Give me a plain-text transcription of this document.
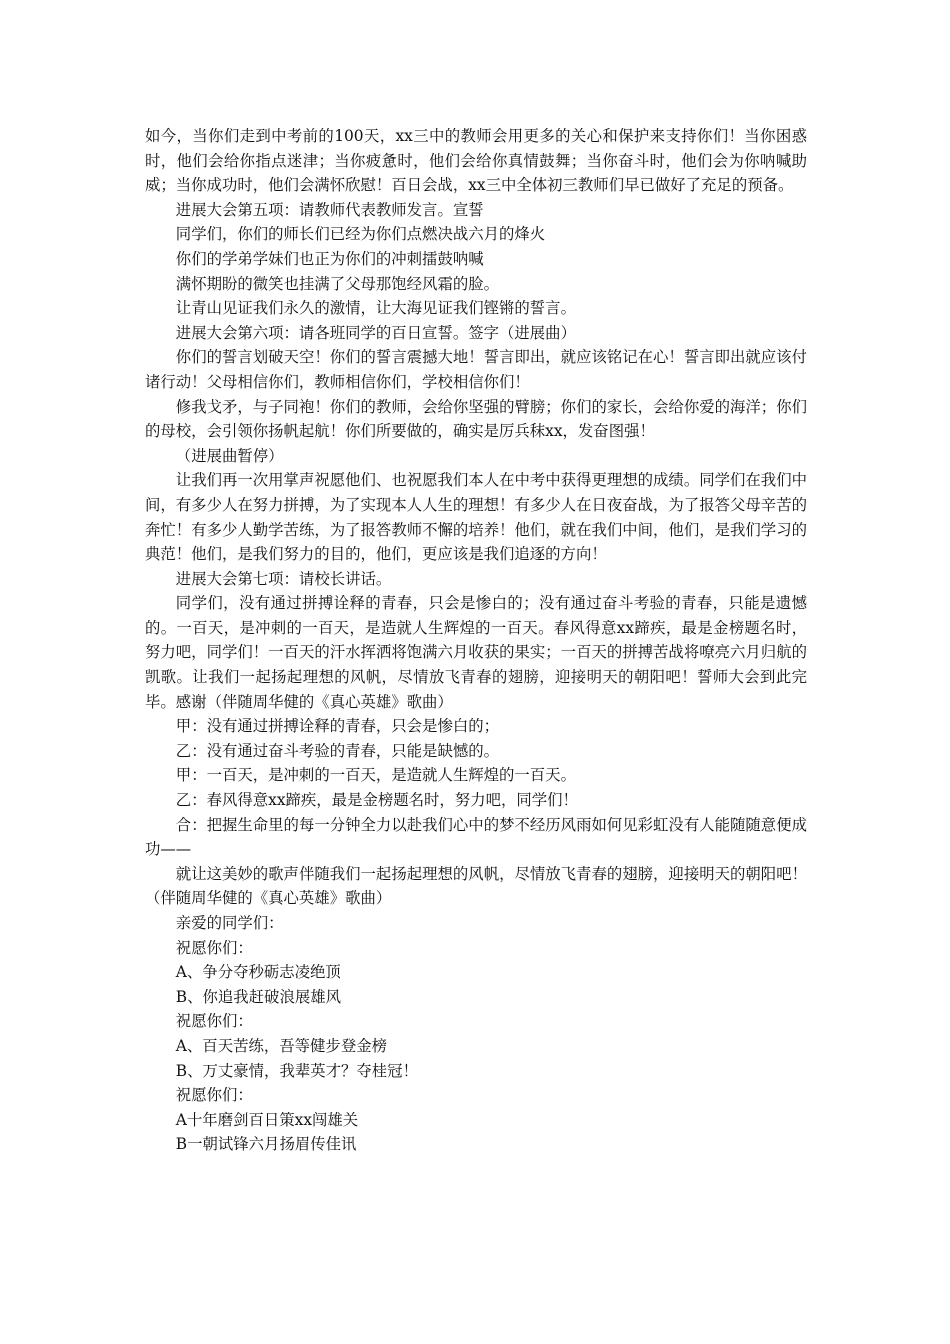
如今，当你们走到中考前的100天，xx三中的教师会用更多的关心和保护来支持你们！当你困惑时，他们会给你指点迷津；当你疲惫时，他们会给你真情鼓舞；当你奋斗时，他们会为你呐喊助威；当你成功时，他们会满怀欣慰！百日会战，xx三中全体初三教师们早已做好了充足的预备。

进展大会第五项：请教师代表教师发言。宣誓

同学们，你们的师长们已经为你们点燃决战六月的烽火

你们的学弟学妹们也正为你们的冲刺擂鼓呐喊

满怀期盼的微笑也挂满了父母那饱经风霜的脸。

让青山见证我们永久的激情，让大海见证我们铿锵的誓言。

进展大会第六项：请各班同学的百日宣誓。签字（进展曲）

你们的誓言划破天空！你们的誓言震撼大地！誓言即出，就应该铭记在心！誓言即出就应该付诸行动！父母相信你们，教师相信你们，学校相信你们！

修我戈矛，与子同袍！你们的教师，会给你坚强的臂膀；你们的家长，会给你爱的海洋；你们的母校，会引领你扬帆起航！你们所要做的，确实是厉兵秣xx，发奋图强！

（进展曲暂停）

让我们再一次用掌声祝愿他们、也祝愿我们本人在中考中获得更理想的成绩。同学们在我们中间，有多少人在努力拼搏，为了实现本人人生的理想！有多少人在日夜奋战，为了报答父母辛苦的奔忙！有多少人勤学苦练，为了报答教师不懈的培养！他们，就在我们中间，他们，是我们学习的典范！他们，是我们努力的目的，他们，更应该是我们追逐的方向！

进展大会第七项：请校长讲话。

同学们，没有通过拼搏诠释的青春，只会是惨白的；没有通过奋斗考验的青春，只能是遗憾的。一百天，是冲刺的一百天，是造就人生辉煌的一百天。春风得意xx蹄疾，最是金榜题名时，努力吧，同学们！一百天的汗水挥洒将饱满六月收获的果实；一百天的拼搏苦战将嘹亮六月归航的凯歌。让我们一起扬起理想的风帆，尽情放飞青春的翅膀，迎接明天的朝阳吧！誓师大会到此完毕。感谢（伴随周华健的《真心英雄》歌曲）

甲：没有通过拼搏诠释的青春，只会是惨白的；

乙：没有通过奋斗考验的青春，只能是缺憾的。

甲：一百天，是冲刺的一百天，是造就人生辉煌的一百天。

乙：春风得意xx蹄疾，最是金榜题名时，努力吧，同学们！

合：把握生命里的每一分钟全力以赴我们心中的梦不经历风雨如何见彩虹没有人能随随意便成功——

就让这美妙的歌声伴随我们一起扬起理想的风帆，尽情放飞青春的翅膀，迎接明天的朝阳吧！（伴随周华健的《真心英雄》歌曲）

亲爱的同学们：

祝愿你们：

A、争分夺秒砺志凌绝顶

B、你追我赶破浪展雄风

祝愿你们：

A、百天苦练，吾等健步登金榜

B、万丈豪情，我辈英才？夺桂冠！

祝愿你们：

A十年磨剑百日策xx闯雄关

B一朝试锋六月扬眉传佳讯
